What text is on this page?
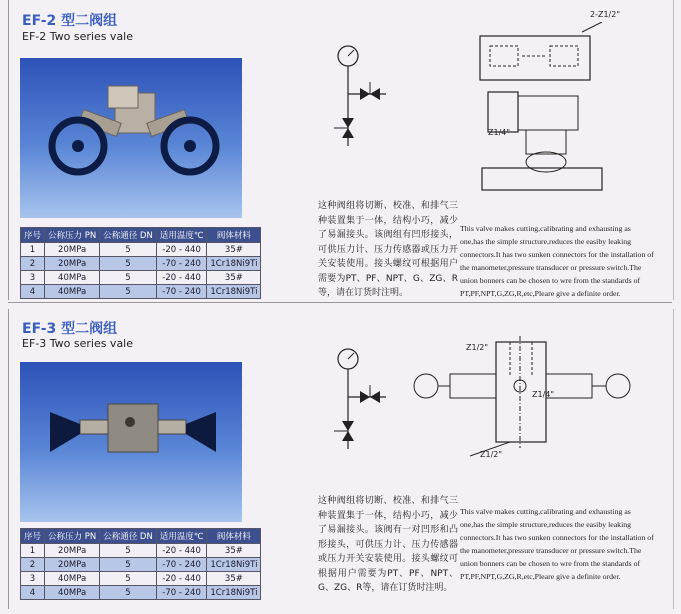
EF-2 型二阀组
EF-2 Two series vale
序号	公称压力 PN	公称通径 DN	适用温度℃	阀体材料
1	20MPa	5	-20 - 440	35#
2	20MPa	5	-70 - 240	1Cr18Ni9Ti
3	40MPa	5	-20 - 440	35#
4	40MPa	5	-70 - 240	1Cr18Ni9Ti
2-Z1/2"
Z1/4"
这种阀组将切断、校准、和排气三种装置集于一体，结构小巧，减少了易漏接头。该阀组有凹形接头，可供压力计、压力传感器或压力开关安装使用。接头螺纹可根据用户需要为PT、PF、NPT、G、ZG、R等，请在订货时注明。
This valve makes cutting,calibrating and exhausting as one,has the simple structure,reduces the easiby leaking connectors.It has two sunken connectors for the installation of the manometer,pressure transducer or pressure switch.The union bonners can be chosen to wre from the standards of PT,PF,NPT,G,ZG,R,etc,Pleare give a definite order.
EF-3 型二阀组
EF-3 Two series vale
序号	公称压力 PN	公称通径 DN	适用温度℃	阀体材料
1	20MPa	5	-20 - 440	35#
2	20MPa	5	-70 - 240	1Cr18Ni9Ti
3	40MPa	5	-20 - 440	35#
4	40MPa	5	-70 - 240	1Cr18Ni9Ti
Z1/2"
Z1/4"
Z1/2"
这种阀组将切断、校准、和排气三种装置集于一体，结构小巧，减少了易漏接头。该阀有一对凹形和凸形接头，可供压力计、压力传感器或压力开关安装使用。接头螺纹可根据用户需要为PT、PF、NPT、G、ZG、R等，请在订货时注明。
This valve makes cutting,calibrating and exhausting as one,has the simple structure,reduces the easiby leaking connectors.It has two sunken connectors for the installation of the manometer,pressure transducer or pressure switch.The union bonners can be chosen to wre from the standards of PT,PF,NPT,G,ZG,R,etc,Pleare give a definite order.
